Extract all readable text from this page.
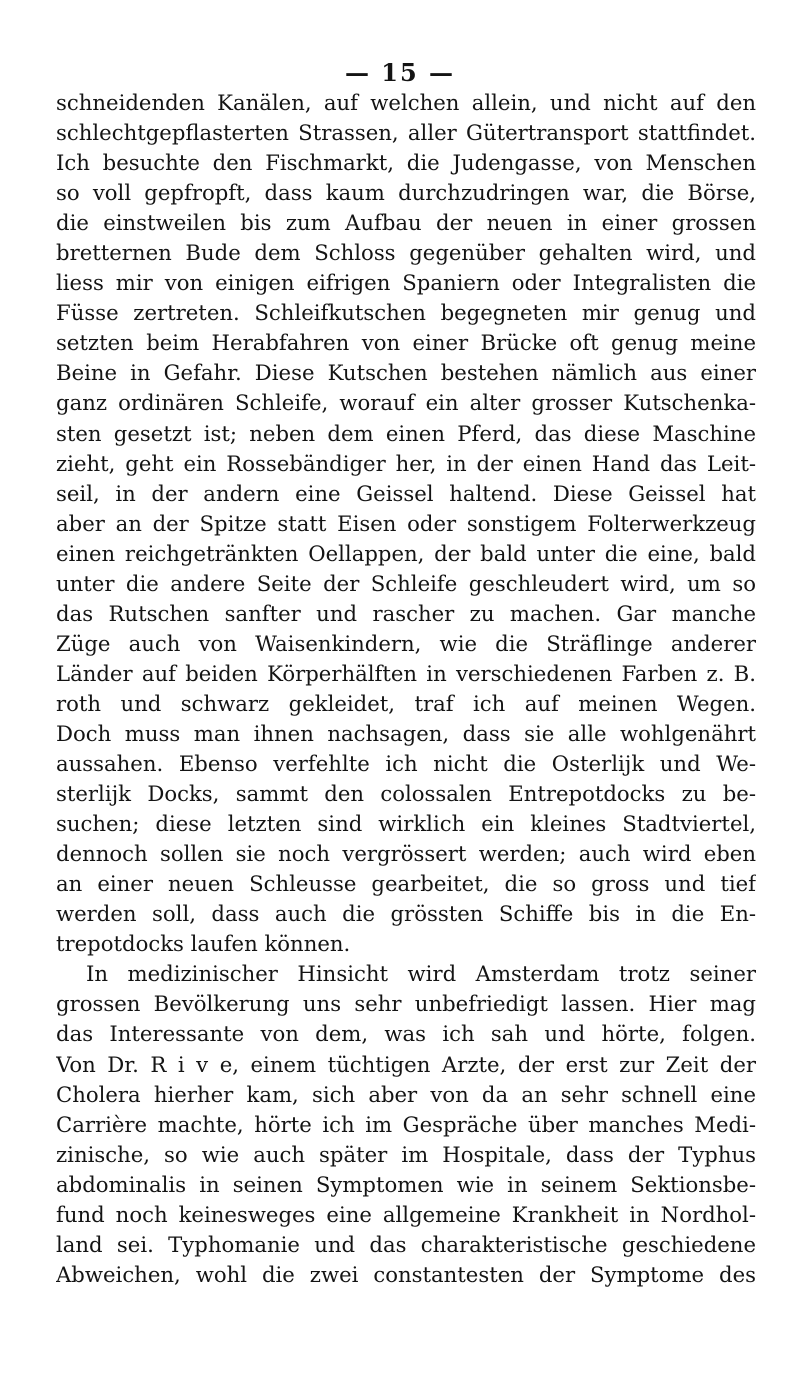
— 15 —
schneidenden Kanälen, auf welchen allein, und nicht auf den
schlechtgepflasterten Strassen, aller Gütertransport stattfindet.
Ich besuchte den Fischmarkt, die Judengasse, von Menschen
so voll gepfropft, dass kaum durchzudringen war, die Börse,
die einstweilen bis zum Aufbau der neuen in einer grossen
bretternen Bude dem Schloss gegenüber gehalten wird, und
liess mir von einigen eifrigen Spaniern oder Integralisten die
Füsse zertreten. Schleifkutschen begegneten mir genug und
setzten beim Herabfahren von einer Brücke oft genug meine
Beine in Gefahr. Diese Kutschen bestehen nämlich aus einer
ganz ordinären Schleife, worauf ein alter grosser Kutschenka-
sten gesetzt ist; neben dem einen Pferd, das diese Maschine
zieht, geht ein Rossebändiger her, in der einen Hand das Leit-
seil, in der andern eine Geissel haltend. Diese Geissel hat
aber an der Spitze statt Eisen oder sonstigem Folterwerkzeug
einen reichgetränkten Oellappen, der bald unter die eine, bald
unter die andere Seite der Schleife geschleudert wird, um so
das Rutschen sanfter und rascher zu machen. Gar manche
Züge auch von Waisenkindern, wie die Sträflinge anderer
Länder auf beiden Körperhälften in verschiedenen Farben z. B.
roth und schwarz gekleidet, traf ich auf meinen Wegen.
Doch muss man ihnen nachsagen, dass sie alle wohlgenährt
aussahen. Ebenso verfehlte ich nicht die Osterlijk und We-
sterlijk Docks, sammt den colossalen Entrepotdocks zu be-
suchen; diese letzten sind wirklich ein kleines Stadtviertel,
dennoch sollen sie noch vergrössert werden; auch wird eben
an einer neuen Schleusse gearbeitet, die so gross und tief
werden soll, dass auch die grössten Schiffe bis in die En-
trepotdocks laufen können.
In medizinischer Hinsicht wird Amsterdam trotz seiner
grossen Bevölkerung uns sehr unbefriedigt lassen. Hier mag
das Interessante von dem, was ich sah und hörte, folgen.
Von Dr. R i v e, einem tüchtigen Arzte, der erst zur Zeit der
Cholera hierher kam, sich aber von da an sehr schnell eine
Carrière machte, hörte ich im Gespräche über manches Medi-
zinische, so wie auch später im Hospitale, dass der Typhus
abdominalis in seinen Symptomen wie in seinem Sektionsbe-
fund noch keinesweges eine allgemeine Krankheit in Nordhol-
land sei. Typhomanie und das charakteristische geschiedene
Abweichen, wohl die zwei constantesten der Symptome des
